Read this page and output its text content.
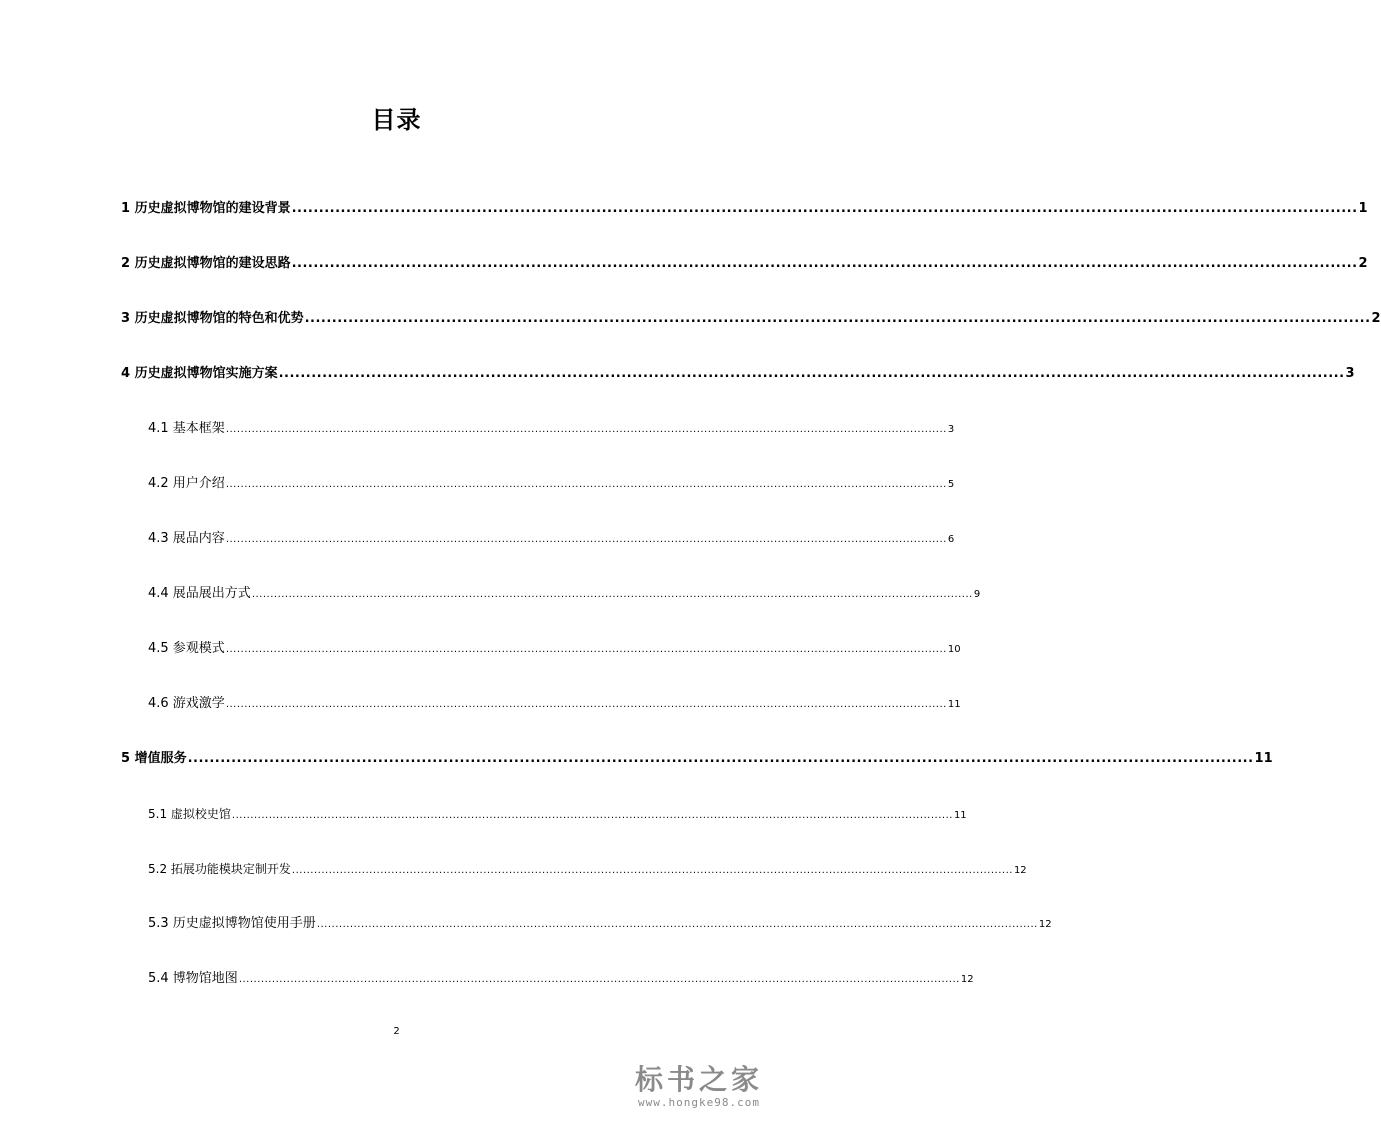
目录
1 历史虚拟博物馆的建设背景 .................................................................................................................................................................................................... 1
2 历史虚拟博物馆的建设思路 .................................................................................................................................................................................................... 2
3 历史虚拟博物馆的特色和优势 .................................................................................................................................................................................................... 2
4 历史虚拟博物馆实施方案 .................................................................................................................................................................................................... 3
4.1 基本框架 .................................................................................................................................................................................................... 3
4.2 用户介绍 .................................................................................................................................................................................................... 5
4.3 展品内容 .................................................................................................................................................................................................... 6
4.4 展品展出方式 .................................................................................................................................................................................................... 9
4.5 参观模式 .................................................................................................................................................................................................... 10
4.6 游戏激学 .................................................................................................................................................................................................... 11
5 增值服务 .................................................................................................................................................................................................... 11
5.1 虚拟校史馆 .................................................................................................................................................................................................... 11
5.2 拓展功能模块定制开发 .................................................................................................................................................................................................... 12
5.3 历史虚拟博物馆使用手册 .................................................................................................................................................................................................... 12
5.4 博物馆地图 .................................................................................................................................................................................................... 12
2
标书之家
www.hongke98.com
